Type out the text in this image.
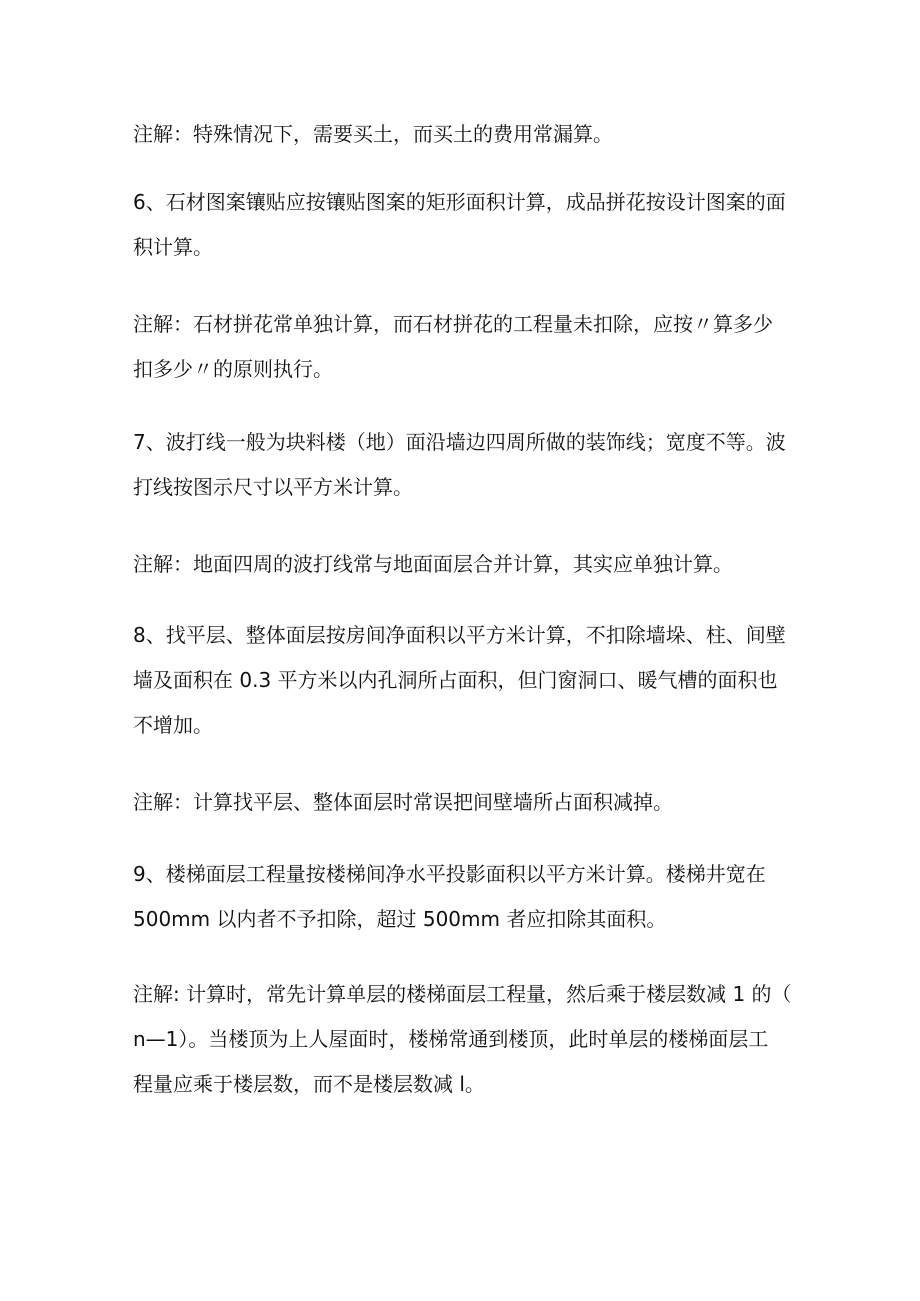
注解：特殊情况下，需要买土，而买土的费用常漏算。

6、石材图案镶贴应按镶贴图案的矩形面积计算，成品拼花按设计图案的面
积计算。

注解：石材拼花常单独计算，而石材拼花的工程量未扣除，应按〃算多少
扣多少〃的原则执行。

7、波打线一般为块料楼（地）面沿墙边四周所做的装饰线；宽度不等。波
打线按图示尺寸以平方米计算。

注解：地面四周的波打线常与地面面层合并计算，其实应单独计算。

8、找平层、整体面层按房间净面积以平方米计算，不扣除墙垛、柱、间壁
墙及面积在 0.3 平方米以内孔洞所占面积，但门窗洞口、暖气槽的面积也
不增加。

注解：计算找平层、整体面层时常误把间壁墙所占面积减掉。

9、楼梯面层工程量按楼梯间净水平投影面积以平方米计算。楼梯井宽在
500mm 以内者不予扣除，超过 500mm 者应扣除其面积。

注解: 计算时，常先计算单层的楼梯面层工程量，然后乘于楼层数减 1 的（
n—1）。当楼顶为上人屋面时，楼梯常通到楼顶，此时单层的楼梯面层工
程量应乘于楼层数，而不是楼层数减 l。
